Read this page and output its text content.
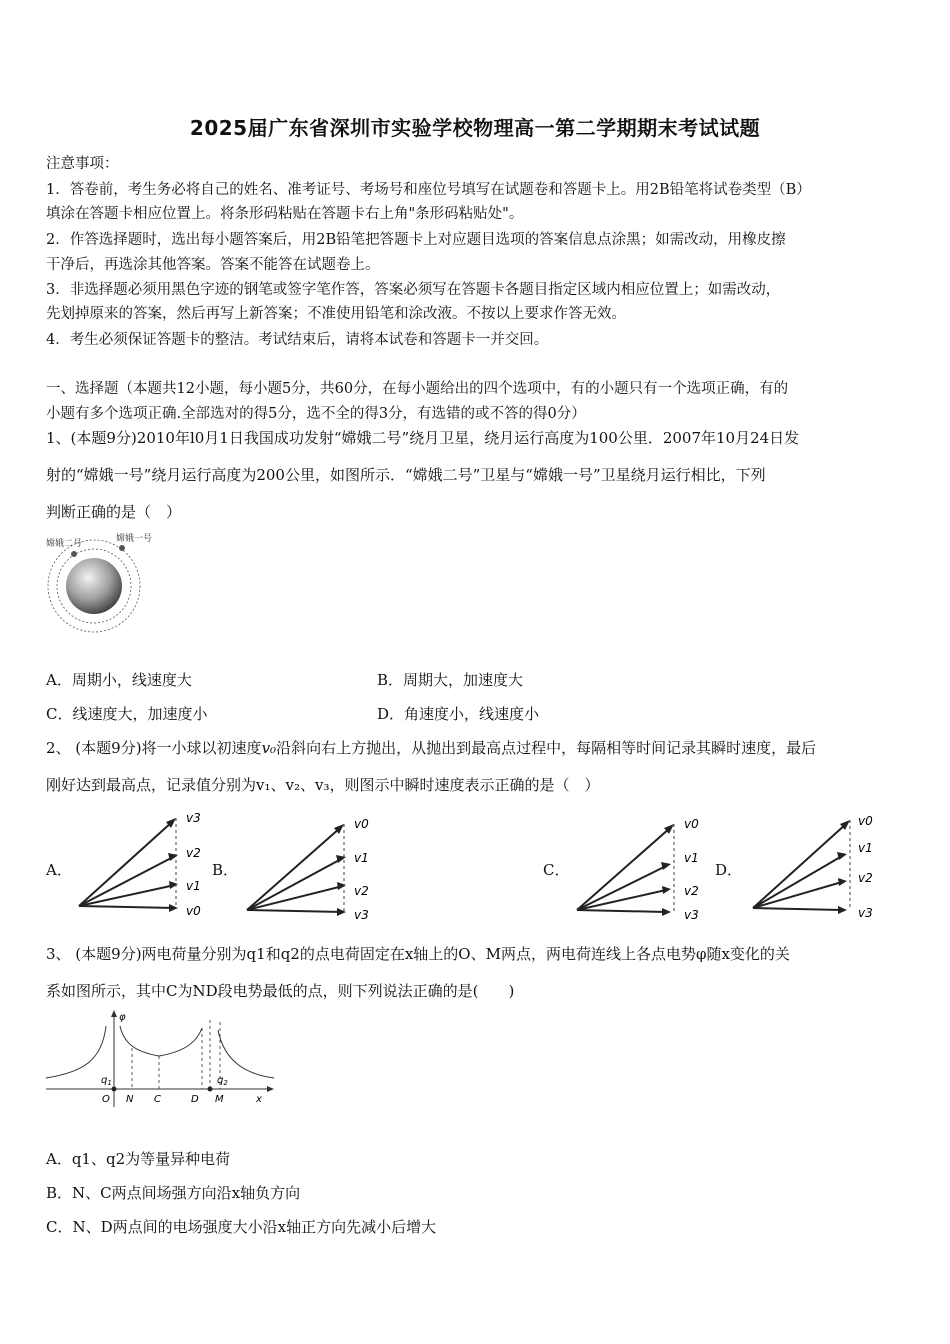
2025届广东省深圳市实验学校物理高一第二学期期末考试试题
注意事项：
1．答卷前，考生务必将自己的姓名、准考证号、考场号和座位号填写在试题卷和答题卡上。用2B铅笔将试卷类型（B）
填涂在答题卡相应位置上。将条形码粘贴在答题卡右上角"条形码粘贴处"。
2．作答选择题时，选出每小题答案后，用2B铅笔把答题卡上对应题目选项的答案信息点涂黑；如需改动，用橡皮擦
干净后，再选涂其他答案。答案不能答在试题卷上。
3．非选择题必须用黑色字迹的钢笔或签字笔作答，答案必须写在答题卡各题目指定区域内相应位置上；如需改动，
先划掉原来的答案，然后再写上新答案；不准使用铅笔和涂改液。不按以上要求作答无效。
4．考生必须保证答题卡的整洁。考试结束后，请将本试卷和答题卡一并交回。
一、选择题（本题共12小题，每小题5分，共60分，在每小题给出的四个选项中，有的小题只有一个选项正确，有的
小题有多个选项正确.全部选对的得5分，选不全的得3分，有选错的或不答的得0分）
1、(本题9分)2010年l0月1日我国成功发射“嫦娥二号”绕月卫星，绕月运行高度为100公里．2007年10月24日发
射的“嫦娥一号”绕月运行高度为200公里，如图所示．“嫦娥二号”卫星与“嫦娥一号”卫星绕月运行相比，下列
判断正确的是（　）
嫦娥二号	嫦娥一号
A．周期小，线速度大	B．周期大，加速度大
C．线速度大，加速度小	D．角速度小，线速度小
2、 (本题9分)将一小球以初速度v₀沿斜向右上方抛出，从抛出到最高点过程中，每隔相等时间记录其瞬时速度，最后
刚好达到最高点，记录值分别为v₁、v₂、v₃，则图示中瞬时速度表示正确的是（　）
A．	B．	C．	D．
v3
v2
v1
v0
v0
v1
v2
v3
v0
v1
v2
v3
v0
v1
v2
v3
3、 (本题9分)两电荷量分别为q1和q2的点电荷固定在x轴上的O、M两点，两电荷连线上各点电势φ随x变化的关
系如图所示，其中C为ND段电势最低的点，则下列说法正确的是(　　)
φ
$q_1$	$q_2$
O N C	D M	x
A．q1、q2为等量异种电荷
B．N、C两点间场强方向沿x轴负方向
C．N、D两点间的电场强度大小沿x轴正方向先减小后增大
